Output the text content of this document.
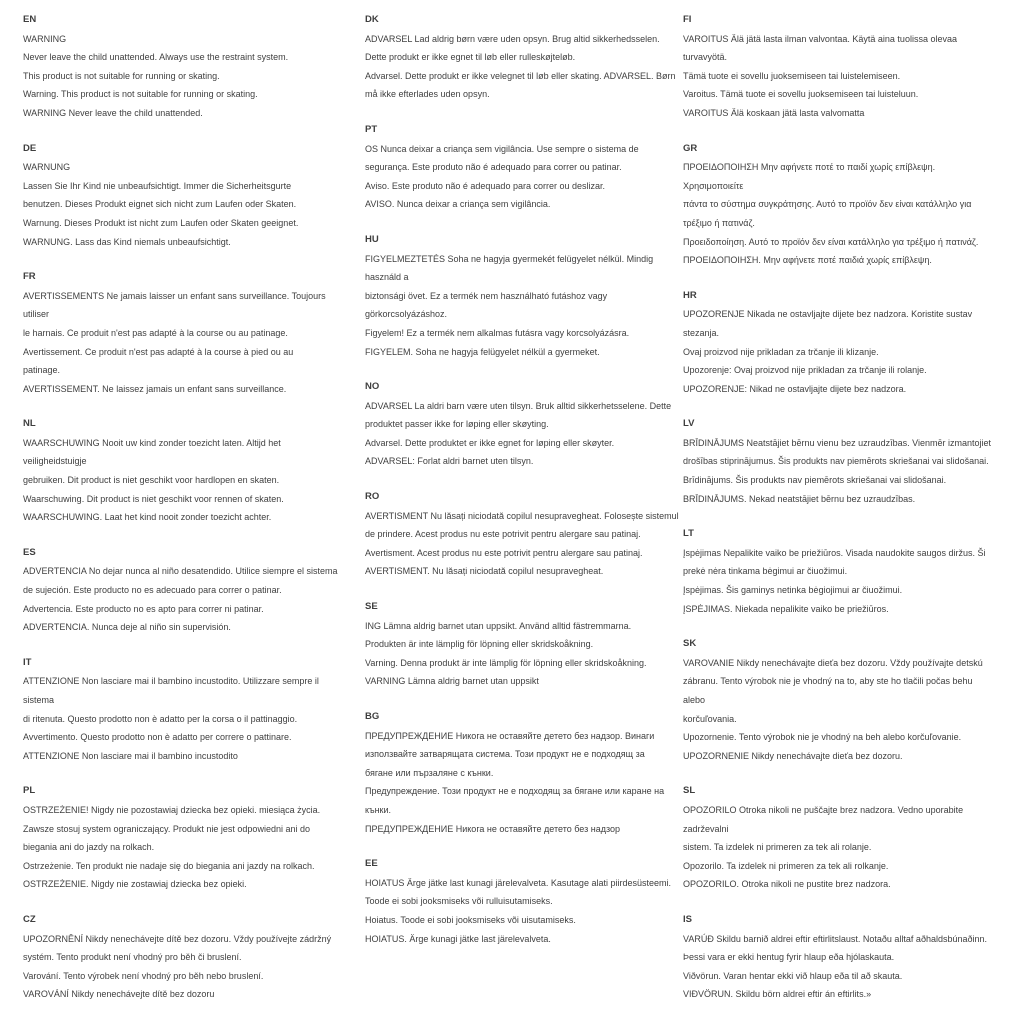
EN
WARNING
Never leave the child unattended. Always use the restraint system.
This product is not suitable for running or skating.
Warning. This product is not suitable for running or skating.
WARNING Never leave the child unattended.
DE
WARNUNG
Lassen Sie Ihr Kind nie unbeaufsichtigt. Immer die Sicherheitsgurte
benutzen. Dieses Produkt eignet sich nicht zum Laufen oder Skaten.
Warnung. Dieses Produkt ist nicht zum Laufen oder Skaten geeignet.
WARNUNG. Lass das Kind niemals unbeaufsichtigt.
FR
AVERTISSEMENTS Ne jamais laisser un enfant sans surveillance. Toujours
utiliser
le harnais. Ce produit n'est pas adapté à la course ou au patinage.
Avertissement. Ce produit n'est pas adapté à la course à pied ou au
patinage.
AVERTISSEMENT. Ne laissez jamais un enfant sans surveillance.
NL
WAARSCHUWING Nooit uw kind zonder toezicht laten. Altijd het
veiligheidstuigje
gebruiken. Dit product is niet geschikt voor hardlopen en skaten.
Waarschuwing. Dit product is niet geschikt voor rennen of skaten.
WAARSCHUWING. Laat het kind nooit zonder toezicht achter.
ES
ADVERTENCIA No dejar nunca al niño desatendido. Utilice siempre el sistema
de sujeción. Este producto no es adecuado para correr o patinar.
Advertencia. Este producto no es apto para correr ni patinar.
ADVERTENCIA. Nunca deje al niño sin supervisión.
IT
ATTENZIONE Non lasciare mai il bambino incustodito. Utilizzare sempre il
sistema
di ritenuta. Questo prodotto non è adatto per la corsa o il pattinaggio.
Avvertimento. Questo prodotto non è adatto per correre o pattinare.
ATTENZIONE Non lasciare mai il bambino incustodito
PL
OSTRZEŻENIE! Nigdy nie pozostawiaj dziecka bez opieki. miesiąca życia.
Zawsze stosuj system ograniczający. Produkt nie jest odpowiedni ani do
biegania ani do jazdy na rolkach.
Ostrzeżenie. Ten produkt nie nadaje się do biegania ani jazdy na rolkach.
OSTRZEŻENIE. Nigdy nie zostawiaj dziecka bez opieki.
CZ
UPOZORNĚNÍ Nikdy nenechávejte dítě bez dozoru. Vždy používejte zádržný
systém. Tento produkt není vhodný pro běh či bruslení.
Varování. Tento výrobek není vhodný pro běh nebo bruslení.
VAROVÁNÍ Nikdy nenechávejte dítě bez dozoru
DK
ADVARSEL Lad aldrig børn være uden opsyn. Brug altid sikkerhedsselen.
Dette produkt er ikke egnet til løb eller rulleskøjteløb.
Advarsel. Dette produkt er ikke velegnet til løb eller skating. ADVARSEL. Børn
må ikke efterlades uden opsyn.
PT
OS Nunca deixar a criança sem vigilância. Use sempre o sistema de
segurança. Este produto não é adequado para correr ou patinar.
Aviso. Este produto não é adequado para correr ou deslizar.
AVISO. Nunca deixar a criança sem vigilância.
HU
FIGYELMEZTETÉS Soha ne hagyja gyermekét felügyelet nélkül. Mindig
használd a
biztonsági övet. Ez a termék nem használható futáshoz vagy
görkorcsolyázáshoz.
Figyelem! Ez a termék nem alkalmas futásra vagy korcsolyázásra.
FIGYELEM. Soha ne hagyja felügyelet nélkül a gyermeket.
NO
ADVARSEL La aldri barn være uten tilsyn. Bruk alltid sikkerhetsselene. Dette
produktet passer ikke for løping eller skøyting.
Advarsel. Dette produktet er ikke egnet for løping eller skøyter.
ADVARSEL: Forlat aldri barnet uten tilsyn.
RO
AVERTISMENT Nu lăsați niciodată copilul nesupravegheat. Folosește sistemul
de prindere. Acest produs nu este potrivit pentru alergare sau patinaj.
Avertisment. Acest produs nu este potrivit pentru alergare sau patinaj.
AVERTISMENT. Nu lăsați niciodată copilul nesupravegheat.
SE
ING Lämna aldrig barnet utan uppsikt. Använd alltid fästremmarna.
Produkten är inte lämplig för löpning eller skridskoåkning.
Varning. Denna produkt är inte lämplig för löpning eller skridskoåkning.
VARNING Lämna aldrig barnet utan uppsikt
BG
ПРЕДУПРЕЖДЕНИЕ Никога не оставяйте детето без надзор. Винаги
използвайте затварящата система. Този продукт не е подходящ за
бягане или пързаляне с кънки.
Предупреждение. Този продукт не е подходящ за бягане или каране на
кънки.
ПРЕДУПРЕЖДЕНИЕ Никога не оставяйте детето без надзор
EE
HOIATUS Ärge jätke last kunagi järelevalveta. Kasutage alati piirdesüsteemi.
Toode ei sobi jooksmiseks või rulluisutamiseks.
Hoiatus. Toode ei sobi jooksmiseks või uisutamiseks.
HOIATUS. Ärge kunagi jätke last järelevalveta.
FI
VAROITUS Älä jätä lasta ilman valvontaa. Käytä aina tuolissa olevaa
turvavyötä.
Tämä tuote ei sovellu juoksemiseen tai luistelemiseen.
Varoitus. Tämä tuote ei sovellu juoksemiseen tai luisteluun.
VAROITUS Älä koskaan jätä lasta valvomatta
GR
ΠΡΟΕΙΔΟΠΟΙΗΣΗ Μην αφήνετε ποτέ το παιδί χωρίς επίβλεψη.
Χρησιμοποιείτε
πάντα το σύστημα συγκράτησης. Αυτό το προϊόν δεν είναι κατάλληλο για
τρέξιμο ή πατινάζ.
Προειδοποίηση. Αυτό το προϊόν δεν είναι κατάλληλο για τρέξιμο ή πατινάζ.
ΠΡΟΕΙΔΟΠΟΙΗΣΗ. Μην αφήνετε ποτέ παιδιά χωρίς επίβλεψη.
HR
UPOZORENJE Nikada ne ostavljajte dijete bez nadzora. Koristite sustav
stezanja.
Ovaj proizvod nije prikladan za trčanje ili klizanje.
Upozorenje: Ovaj proizvod nije prikladan za trčanje ili rolanje.
UPOZORENJE: Nikad ne ostavljajte dijete bez nadzora.
LV
BRĪDINĀJUMS Neatstājiet bērnu vienu bez uzraudzības. Vienmēr izmantojiet
drošības stiprinājumus. Šis produkts nav piemērots skriešanai vai slidošanai.
Brīdinājums. Šis produkts nav piemērots skriešanai vai slidošanai.
BRĪDINĀJUMS. Nekad neatstājiet bērnu bez uzraudzības.
LT
Įspėjimas Nepalikite vaiko be priežiūros. Visada naudokite saugos diržus. Ši
prekė nėra tinkama bėgimui ar čiuožimui.
Įspėjimas. Šis gaminys netinka bėgiojimui ar čiuožimui.
ĮSPĖJIMAS. Niekada nepalikite vaiko be priežiūros.
SK
VAROVANIE Nikdy nenechávajte dieťa bez dozoru. Vždy používajte detskú
zábranu. Tento výrobok nie je vhodný na to, aby ste ho tlačili počas behu
alebo
korčuľovania.
Upozornenie. Tento výrobok nie je vhodný na beh alebo korčuľovanie.
UPOZORNENIE Nikdy nenechávajte dieťa bez dozoru.
SL
OPOZORILO Otroka nikoli ne puščajte brez nadzora. Vedno uporabite
zadrževalni
sistem. Ta izdelek ni primeren za tek ali rolanje.
Opozorilo. Ta izdelek ni primeren za tek ali rolkanje.
OPOZORILO. Otroka nikoli ne pustite brez nadzora.
IS
VARÚÐ Skildu barnið aldrei eftir eftirlitslaust. Notaðu alltaf aðhaldsbúnaðinn.
Þessi vara er ekki hentug fyrir hlaup eða hjólaskauta.
Viðvörun. Varan hentar ekki við hlaup eða til að skauta.
VIÐVÖRUN. Skildu börn aldrei eftir án eftirlits.»
